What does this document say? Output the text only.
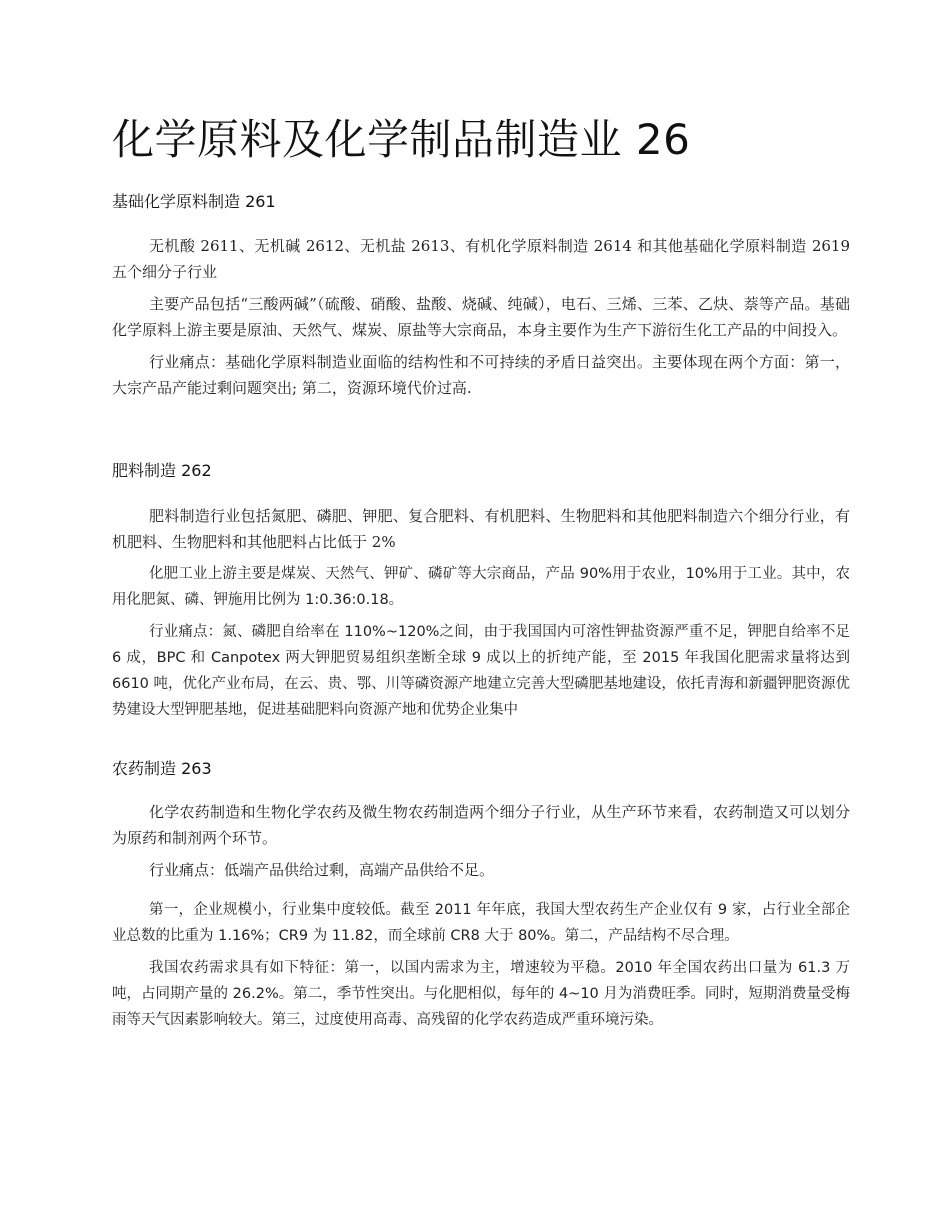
化学原料及化学制品制造业 26
基础化学原料制造 261

无机酸 2611、无机碱 2612、无机盐 2613、有机化学原料制造 2614 和其他基础化学原料制造 2619 五个细分子行业

主要产品包括“三酸两碱”（硫酸、硝酸、盐酸、烧碱、纯碱），电石、三烯、三苯、乙炔、萘等产品。基础化学原料上游主要是原油、天然气、煤炭、原盐等大宗商品，本身主要作为生产下游衍生化工产品的中间投入。

行业痛点：基础化学原料制造业面临的结构性和不可持续的矛盾日益突出。主要体现在两个方面：第一，大宗产品产能过剩问题突出; 第二，资源环境代价过高.

肥料制造 262

肥料制造行业包括氮肥、磷肥、钾肥、复合肥料、有机肥料、生物肥料和其他肥料制造六个细分行业，有机肥料、生物肥料和其他肥料占比低于 2%

化肥工业上游主要是煤炭、天然气、钾矿、磷矿等大宗商品，产品 90%用于农业，10%用于工业。其中，农用化肥氮、磷、钾施用比例为 1:0.36:0.18。

行业痛点：氮、磷肥自给率在 110%~120%之间，由于我国国内可溶性钾盐资源严重不足，钾肥自给率不足 6 成，BPC 和 Canpotex 两大钾肥贸易组织垄断全球 9 成以上的折纯产能，至 2015 年我国化肥需求量将达到 6610 吨，优化产业布局，在云、贵、鄂、川等磷资源产地建立完善大型磷肥基地建设，依托青海和新疆钾肥资源优势建设大型钾肥基地，促进基础肥料向资源产地和优势企业集中

农药制造 263

化学农药制造和生物化学农药及微生物农药制造两个细分子行业，从生产环节来看，农药制造又可以划分为原药和制剂两个环节。

行业痛点：低端产品供给过剩，高端产品供给不足。

第一，企业规模小，行业集中度较低。截至 2011 年年底，我国大型农药生产企业仅有 9 家，占行业全部企业总数的比重为 1.16%；CR9 为 11.82，而全球前 CR8 大于 80%。第二，产品结构不尽合理。

我国农药需求具有如下特征：第一，以国内需求为主，增速较为平稳。2010 年全国农药出口量为 61.3 万吨，占同期产量的 26.2%。第二，季节性突出。与化肥相似，每年的 4~10 月为消费旺季。同时，短期消费量受梅雨等天气因素影响较大。第三，过度使用高毒、高残留的化学农药造成严重环境污染。
